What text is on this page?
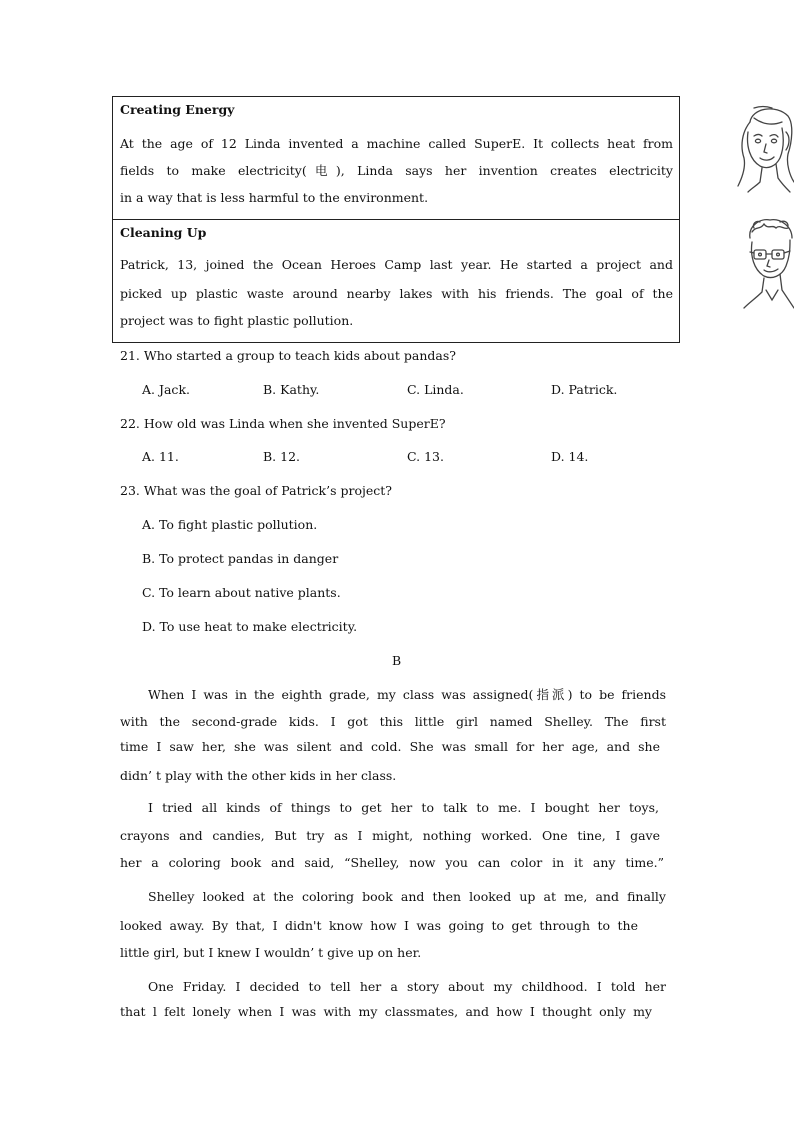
Creating Energy
At the age of 12 Linda invented a machine called SuperE. It collects heat from
fields to make electricity(电), Linda says her invention creates electricity
in a way that is less harmful to the environment.
Cleaning Up
Patrick, 13, joined the Ocean Heroes Camp last year. He started a project and
picked up plastic waste around nearby lakes with his friends. The goal of the
project was to fight plastic pollution.
21. Who started a group to teach kids about pandas?
A. Jack.	B. Kathy.	C. Linda.	D. Patrick.
22. How old was Linda when she invented SuperE?
A. 11.	B. 12.	C. 13.	D. 14.
23. What was the goal of Patrick’s project?
A. To fight plastic pollution.
B. To protect pandas in danger
C. To learn about native plants.
D. To use heat to make electricity.
B
When I was in the eighth grade, my class was assigned(指派) to be friends
with the second-grade kids. I got this little girl named Shelley. The first
time I saw her, she was silent and cold. She was small for her age, and she
didn’ t play with the other kids in her class.
I tried all kinds of things to get her to talk to me. I bought her toys,
crayons and candies, But try as I might, nothing worked. One tine, I gave
her a coloring book and said, “Shelley, now you can color in it any time.”
Shelley looked at the coloring book and then looked up at me, and finally
looked away. By that, I didn't know how I was going to get through to the
little girl, but I knew I wouldn’ t give up on her.
One Friday. I decided to tell her a story about my childhood. I told her
that l felt lonely when I was with my classmates, and how I thought only my
